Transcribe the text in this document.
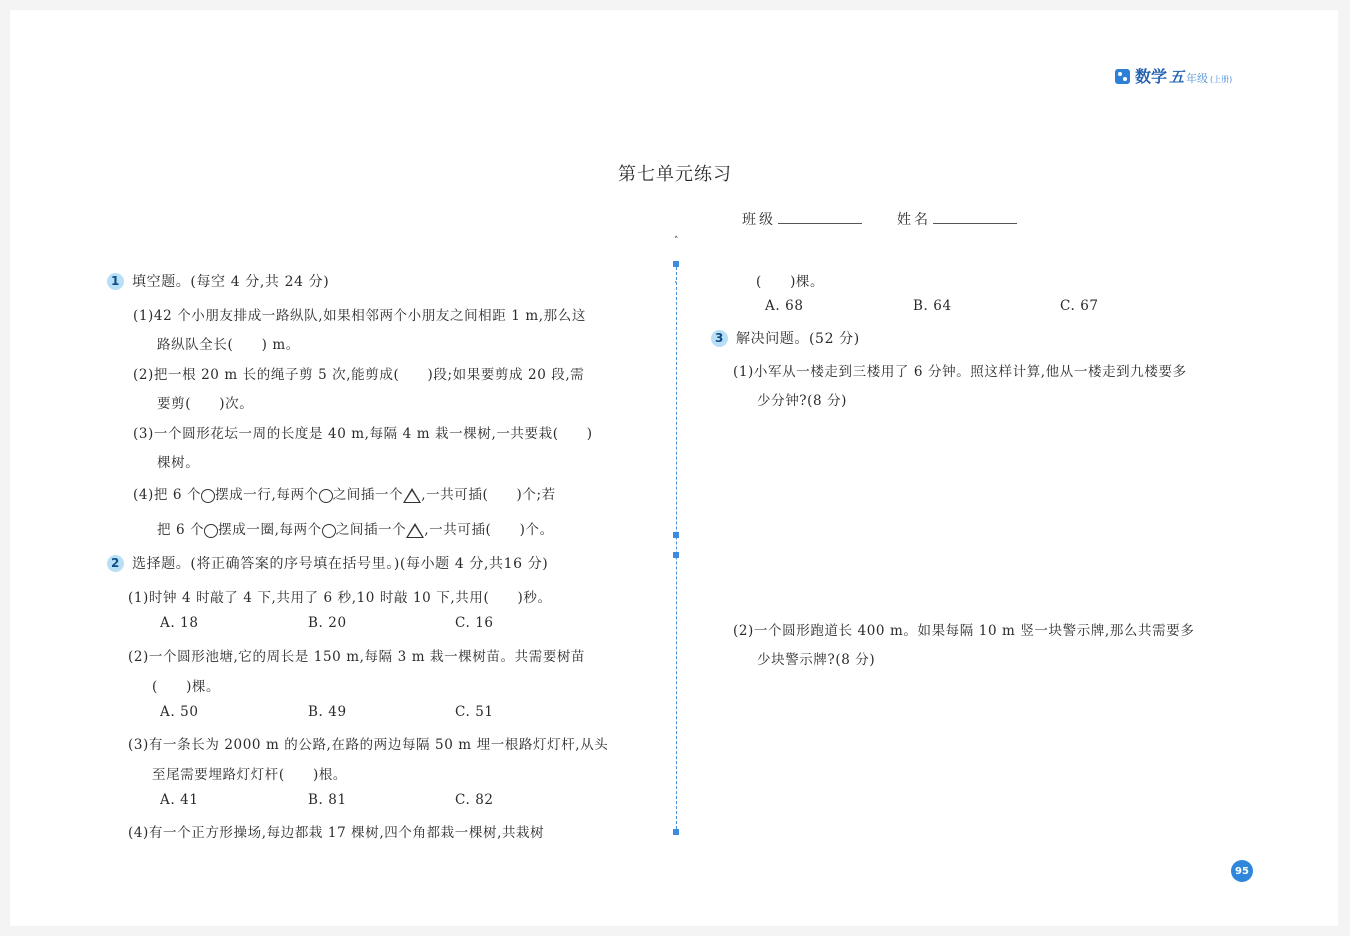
数学 五 年级 (上册)
第七单元练习
班级	姓名
1 填空题。(每空 4 分,共 24 分)
(1)42 个小朋友排成一路纵队,如果相邻两个小朋友之间相距 1 m,那么这
路纵队全长(　　) m。
(2)把一根 20 m 长的绳子剪 5 次,能剪成(　　)段;如果要剪成 20 段,需
要剪(　　)次。
(3)一个圆形花坛一周的长度是 40 m,每隔 4 m 栽一棵树,一共要栽(　　)
棵树。
(4)把 6 个 摆成一行,每两个 之间插一个 ,一共可插(　　)个;若
把 6 个 摆成一圈,每两个 之间插一个 ,一共可插(　　)个。
2 选择题。(将正确答案的序号填在括号里。)(每小题 4 分,共16 分)
(1)时钟 4 时敲了 4 下,共用了 6 秒,10 时敲 10 下,共用(　　)秒。
A. 18	B. 20	C. 16
(2)一个圆形池塘,它的周长是 150 m,每隔 3 m 栽一棵树苗。共需要树苗
(　　)棵。
A. 50	B. 49	C. 51
(3)有一条长为 2000 m 的公路,在路的两边每隔 50 m 埋一根路灯灯杆,从头
至尾需要埋路灯灯杆(　　)根。
A. 41	B. 81	C. 82
(4)有一个正方形操场,每边都栽 17 棵树,四个角都栽一棵树,共栽树
˄
·	(　　)棵。
A. 68	B. 64	C. 67
3 解决问题。(52 分)
(1)小军从一楼走到三楼用了 6 分钟。照这样计算,他从一楼走到九楼要多
少分钟?(8 分)
(2)一个圆形跑道长 400 m。如果每隔 10 m 竖一块警示牌,那么共需要多
少块警示牌?(8 分)
95
